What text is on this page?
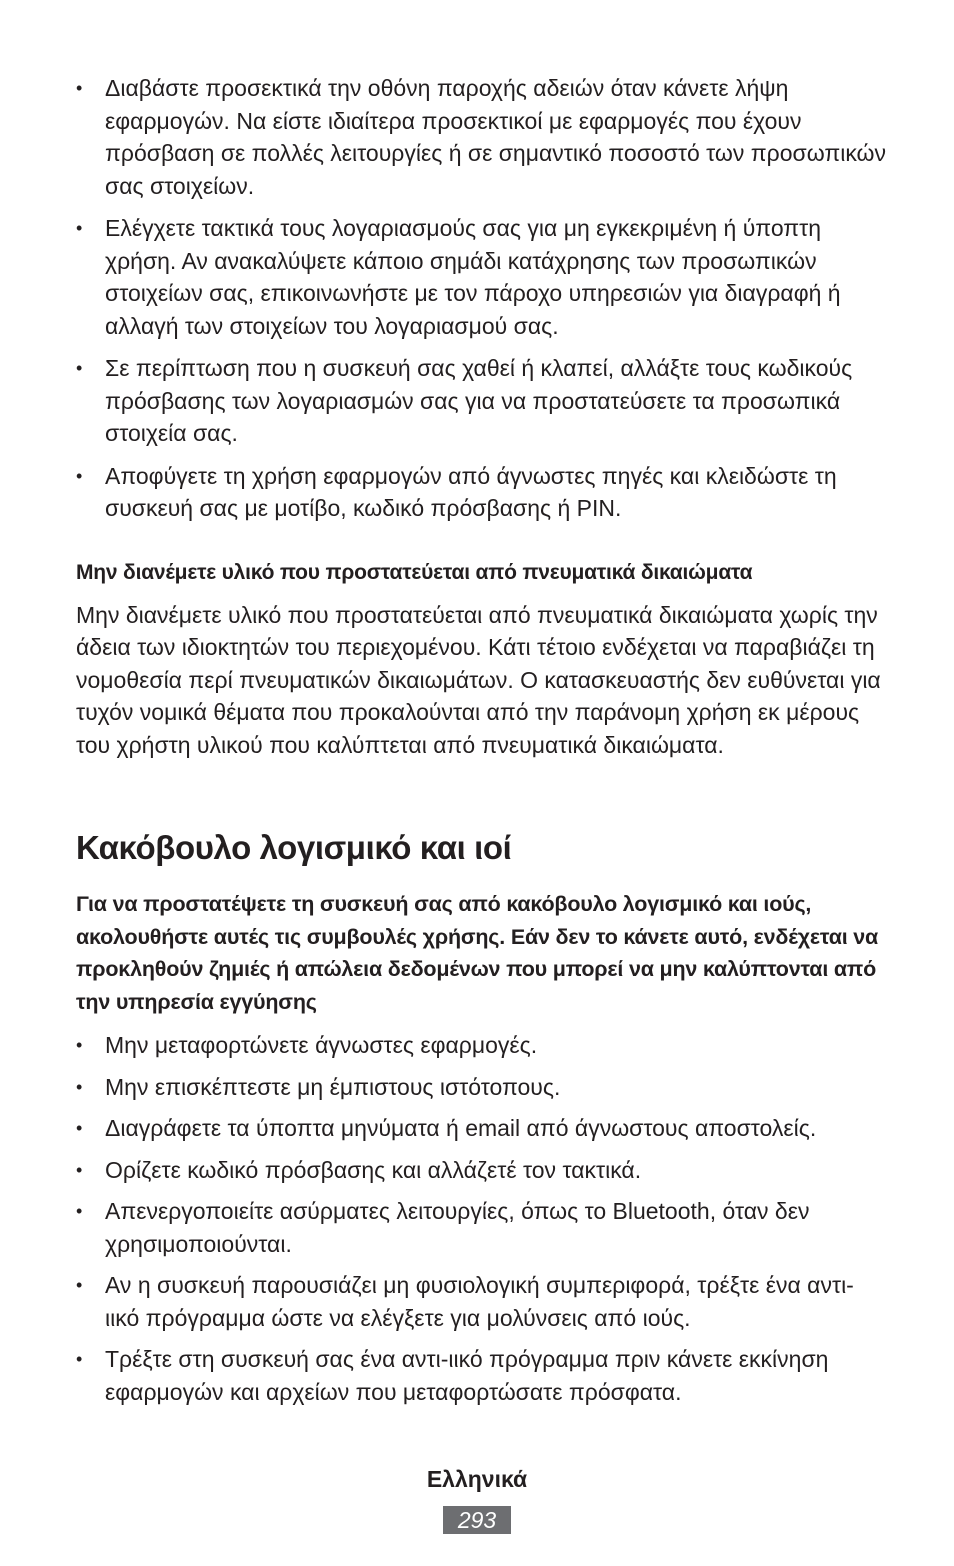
• Διαβάστε προσεκτικά την οθόνη παροχής αδειών όταν κάνετε λήψη εφαρμογών. Να είστε ιδιαίτερα προσεκτικοί με εφαρμογές που έχουν πρόσβαση σε πολλές λειτουργίες ή σε σημαντικό ποσοστό των προσωπικών σας στοιχείων.
• Ελέγχετε τακτικά τους λογαριασμούς σας για μη εγκεκριμένη ή ύποπτη χρήση. Αν ανακαλύψετε κάποιο σημάδι κατάχρησης των προσωπικών στοιχείων σας, επικοινωνήστε με τον πάροχο υπηρεσιών για διαγραφή ή αλλαγή των στοιχείων του λογαριασμού σας.
• Σε περίπτωση που η συσκευή σας χαθεί ή κλαπεί, αλλάξτε τους κωδικούς πρόσβασης των λογαριασμών σας για να προστατεύσετε τα προσωπικά στοιχεία σας.
• Αποφύγετε τη χρήση εφαρμογών από άγνωστες πηγές και κλειδώστε τη συσκευή σας με μοτίβο, κωδικό πρόσβασης ή PIN.
Μην διανέμετε υλικό που προστατεύεται από πνευματικά δικαιώματα

Μην διανέμετε υλικό που προστατεύεται από πνευματικά δικαιώματα χωρίς την άδεια των ιδιοκτητών του περιεχομένου. Κάτι τέτοιο ενδέχεται να παραβιάζει τη νομοθεσία περί πνευματικών δικαιωμάτων. Ο κατασκευαστής δεν ευθύνεται για τυχόν νομικά θέματα που προκαλούνται από την παράνομη χρήση εκ μέρους του χρήστη υλικού που καλύπτεται από πνευματικά δικαιώματα.

Κακόβουλο λογισμικό και ιοί

Για να προστατέψετε τη συσκευή σας από κακόβουλο λογισμικό και ιούς, ακολουθήστε αυτές τις συμβουλές χρήσης. Εάν δεν το κάνετε αυτό, ενδέχεται να προκληθούν ζημιές ή απώλεια δεδομένων που μπορεί να μην καλύπτονται από την υπηρεσία εγγύησης

• Μην μεταφορτώνετε άγνωστες εφαρμογές.
• Μην επισκέπτεστε μη έμπιστους ιστότοπους.
• Διαγράφετε τα ύποπτα μηνύματα ή email από άγνωστους αποστολείς.
• Ορίζετε κωδικό πρόσβασης και αλλάζετέ τον τακτικά.
• Απενεργοποιείτε ασύρματες λειτουργίες, όπως το Bluetooth, όταν δεν χρησιμοποιούνται.
• Αν η συσκευή παρουσιάζει μη φυσιολογική συμπεριφορά, τρέξτε ένα αντι-ιικό πρόγραμμα ώστε να ελέγξετε για μολύνσεις από ιούς.
• Τρέξτε στη συσκευή σας ένα αντι-ιικό πρόγραμμα πριν κάνετε εκκίνηση εφαρμογών και αρχείων που μεταφορτώσατε πρόσφατα.
Ελληνικά
293
